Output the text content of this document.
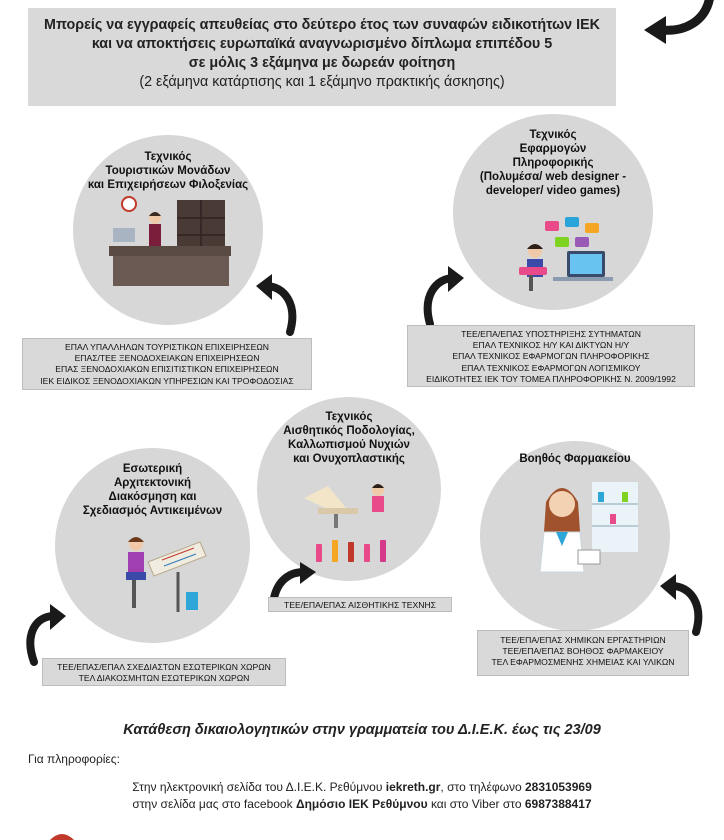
Μπορείς να εγγραφείς απευθείας στο δεύτερο έτος των συναφών ειδικοτήτων ΙΕΚ
και να αποκτήσεις ευρωπαϊκά αναγνωρισμένο δίπλωμα επιπέδου 5
σε μόλις 3 εξάμηνα με δωρεάν φοίτηση
(2 εξάμηνα κατάρτισης και 1 εξάμηνο πρακτικής άσκησης)
Τεχνικός
Τουριστικών Μονάδων
και Επιχειρήσεων Φιλοξενίας
ΕΠΑΛ ΥΠΑΛΛΗΛΩΝ ΤΟΥΡΙΣΤΙΚΩΝ ΕΠΙΧΕΙΡΗΣΕΩΝ
ΕΠΑΣ/ΤΕΕ ΞΕΝΟΔΟΧΕΙΑΚΩΝ ΕΠΙΧΕΙΡΗΣΕΩΝ
ΕΠΑΣ ΞΕΝΟΔΟΧΙΑΚΩΝ ΕΠΙΣΙΤΙΣΤΙΚΩΝ ΕΠΙΧΕΙΡΗΣΕΩΝ
ΙΕΚ ΕΙΔΙΚΟΣ ΞΕΝΟΔΟΧΙΑΚΩΝ ΥΠΗΡΕΣΙΩΝ ΚΑΙ ΤΡΟΦΟΔΟΣΙΑΣ
Τεχνικός
Εφαρμογών
Πληροφορικής
(Πολυμέσα/ web designer -
developer/ video games)
ΤΕΕ/ΕΠΑ/ΕΠΑΣ ΥΠΟΣΤΗΡΙΞΗΣ ΣΥΤΗΜΑΤΩΝ
ΕΠΑΛ ΤΕΧΝΙΚΟΣ Η/Υ ΚΑΙ ΔΙΚΤΥΩΝ Η/Υ
ΕΠΑΛ ΤΕΧΝΙΚΟΣ ΕΦΑΡΜΟΓΩΝ ΠΛΗΡΟΦΟΡΙΚΗΣ
ΕΠΑΛ ΤΕΧΝΙΚΟΣ ΕΦΑΡΜΟΓΩΝ ΛΟΓΙΣΜΙΚΟΥ
ΕΙΔΙΚΟΤΗΤΕΣ ΙΕΚ ΤΟΥ ΤΟΜΕΑ ΠΛΗΡΟΦΟΡΙΚΗΣ Ν. 2009/1992
Τεχνικός
Αισθητικός Ποδολογίας,
Καλλωπισμού Νυχιών
και Ονυχοπλαστικής
ΤΕΕ/ΕΠΑ/ΕΠΑΣ ΑΙΣΘΗΤΙΚΗΣ ΤΕΧΝΗΣ
Εσωτερική
Αρχιτεκτονική
Διακόσμηση και
Σχεδιασμός Αντικειμένων
ΤΕΕ/ΕΠΑΣ/ΕΠΑΛ ΣΧΕΔΙΑΣΤΩΝ ΕΣΩΤΕΡΙΚΩΝ ΧΩΡΩΝ
ΤΕΛ ΔΙΑΚΟΣΜΗΤΩΝ ΕΣΩΤΕΡΙΚΩΝ ΧΩΡΩΝ
Βοηθός Φαρμακείου
ΤΕΕ/ΕΠΑ/ΕΠΑΣ ΧΗΜΙΚΩΝ ΕΡΓΑΣΤΗΡΙΩΝ
ΤΕΕ/ΕΠΑ/ΕΠΑΣ ΒΟΗΘΟΣ ΦΑΡΜΑΚΕΙΟΥ
ΤΕΛ ΕΦΑΡΜΟΣΜΕΝΗΣ ΧΗΜΕΙΑΣ ΚΑΙ ΥΛΙΚΩΝ
Κατάθεση δικαιολογητικών στην γραμματεία του Δ.Ι.Ε.Κ. έως τις 23/09
Για πληροφορίες:
Στην ηλεκτρονική σελίδα του Δ.Ι.Ε.Κ. Ρεθύμνου iekreth.gr, στο τηλέφωνο 2831053969
στην σελίδα μας στο facebook Δημόσιο ΙΕΚ Ρεθύμνου και στο Viber στο 6987388417
